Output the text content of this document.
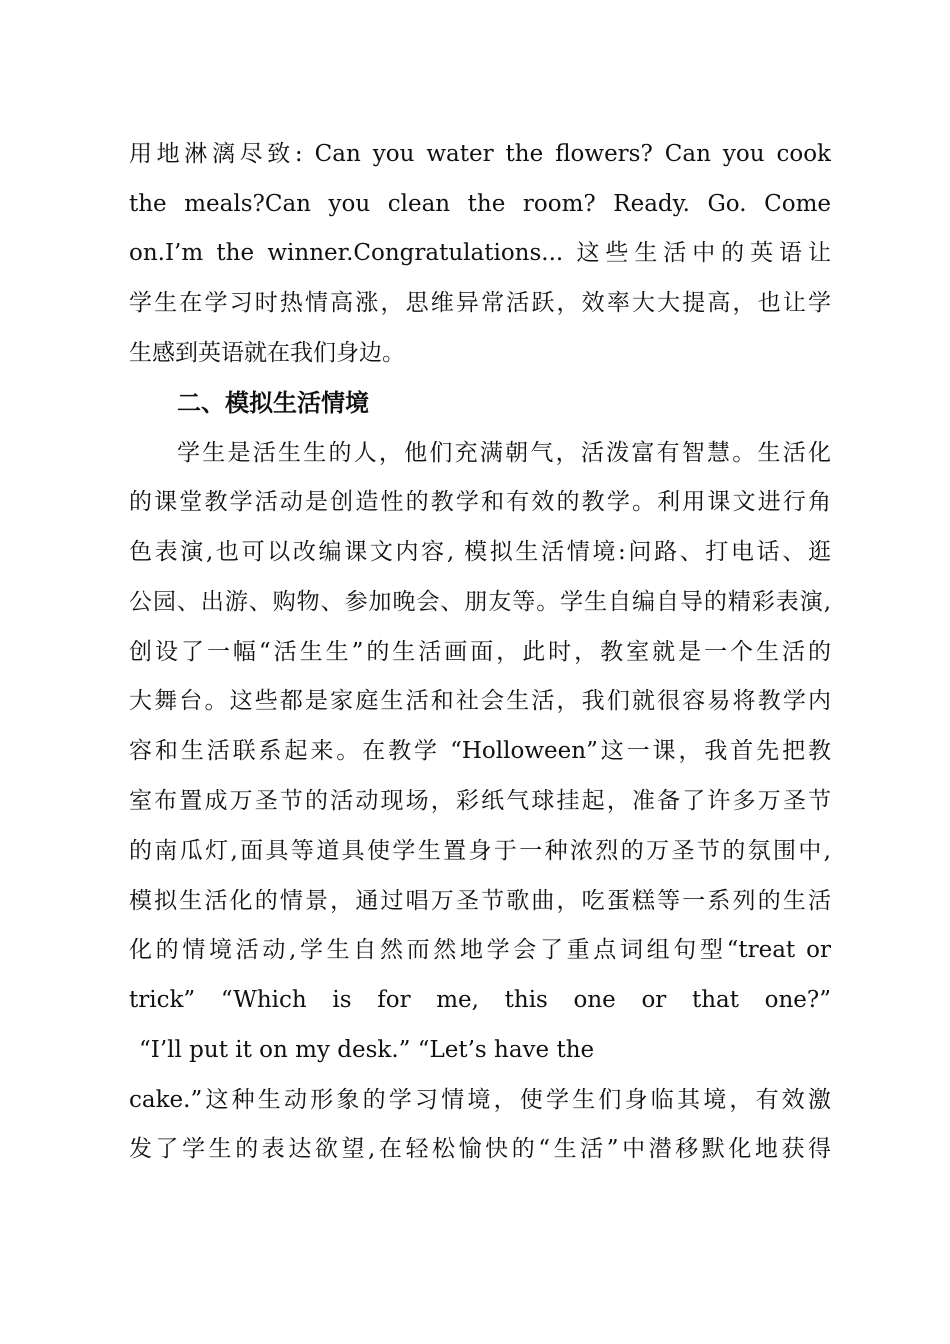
用地淋漓尽致: Can you water the flowers? Can you cook
the meals?Can you clean the room? Ready. Go. Come
on.I’m the winner.Congratulations... 这些生活中的英语让
学生在学习时热情高涨，思维异常活跃，效率大大提高，也让学
生感到英语就在我们身边。
二、模拟生活情境
学生是活生生的人，他们充满朝气，活泼富有智慧。生活化
的课堂教学活动是创造性的教学和有效的教学。利用课文进行角
色表演,也可以改编课文内容, 模拟生活情境:问路、打电话、逛
公园、出游、购物、参加晚会、朋友等。学生自编自导的精彩表演,
创设了一幅“活生生”的生活画面，此时，教室就是一个生活的
大舞台。这些都是家庭生活和社会生活，我们就很容易将教学内
容和生活联系起来。在教学 “Holloween”这一课，我首先把教
室布置成万圣节的活动现场，彩纸气球挂起，准备了许多万圣节
的南瓜灯,面具等道具使学生置身于一种浓烈的万圣节的氛围中,
模拟生活化的情景，通过唱万圣节歌曲，吃蛋糕等一系列的生活
化的情境活动,学生自然而然地学会了重点词组句型“treat or
trick” “Which is for me, this one or that one?”
“I’ll put it on my desk.” “Let’s have the
cake.”这种生动形象的学习情境，使学生们身临其境，有效激
发了学生的表达欲望,在轻松愉快的“生活”中潜移默化地获得
